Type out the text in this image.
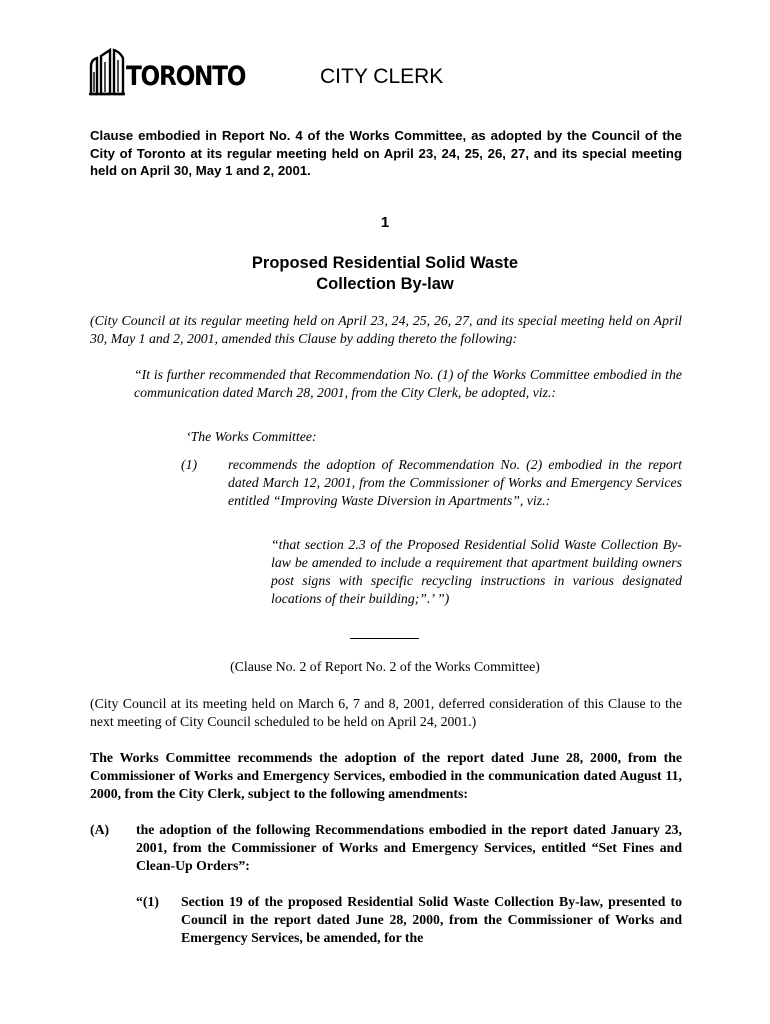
TORONTO	CITY CLERK
Clause embodied in Report No. 4 of the Works Committee, as adopted by the Council of the City of Toronto at its regular meeting held on April 23, 24, 25, 26, 27, and its special meeting held on April 30, May 1 and 2, 2001.
1
Proposed Residential Solid Waste
Collection By-law
(City Council at its regular meeting held on April 23, 24, 25, 26, 27, and its special meeting held on April 30, May 1 and 2, 2001, amended this Clause by adding thereto the following:
“It is further recommended that Recommendation No. (1) of the Works Committee embodied in the communication dated March 28, 2001, from the City Clerk, be adopted, viz.:
‘The Works Committee:
(1)	recommends the adoption of Recommendation No. (2) embodied in the report dated March 12, 2001, from the Commissioner of Works and Emergency Services entitled “Improving Waste Diversion in Apartments”, viz.:
“that section 2.3 of the Proposed Residential Solid Waste Collection By-law be amended to include a requirement that apartment building owners post signs with specific recycling instructions in various designated locations of their building;”.’ ”)
(Clause No. 2 of Report No. 2 of the Works Committee)
(City Council at its meeting held on March 6, 7 and 8, 2001, deferred consideration of this Clause to the next meeting of City Council scheduled to be held on April 24, 2001.)
The Works Committee recommends the adoption of the report dated June 28, 2000, from the Commissioner of Works and Emergency Services, embodied in the communication dated August 11, 2000, from the City Clerk, subject to the following amendments:
(A)	the adoption of the following Recommendations embodied in the report dated January 23, 2001, from the Commissioner of Works and Emergency Services, entitled “Set Fines and Clean-Up Orders”:
“(1)	Section 19 of the proposed Residential Solid Waste Collection By-law, presented to Council in the report dated June 28, 2000, from the Commissioner of Works and Emergency Services, be amended, for the
